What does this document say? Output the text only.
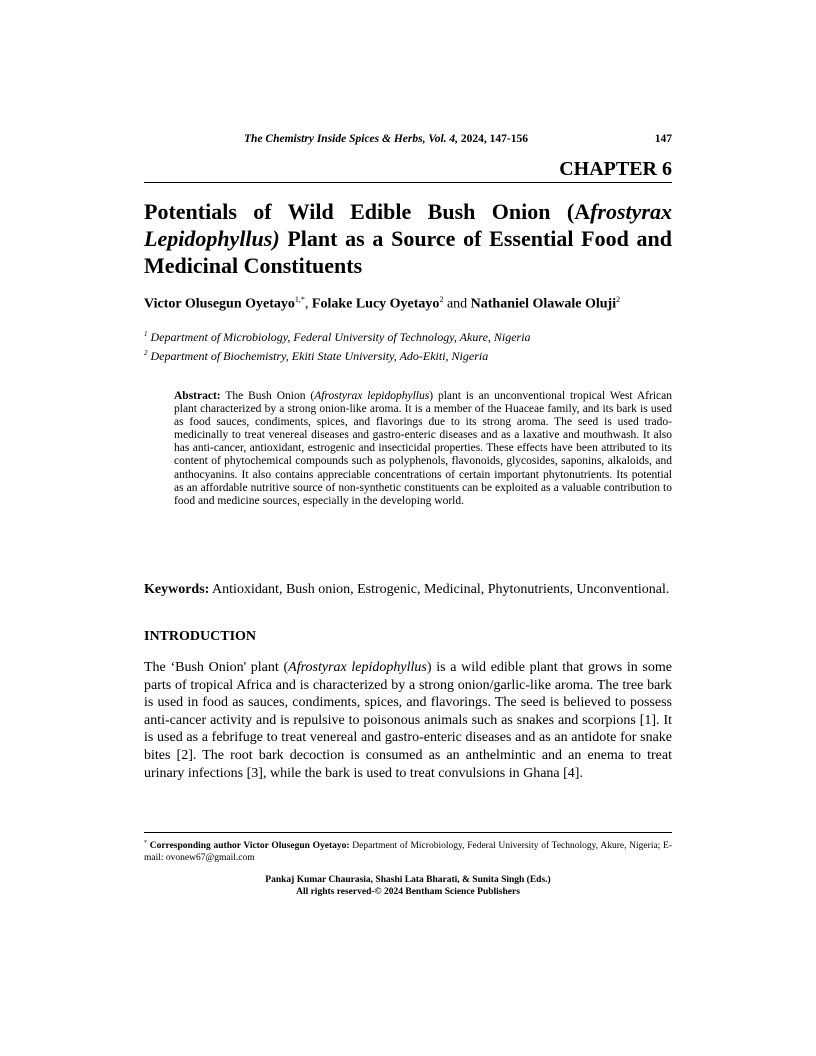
The Chemistry Inside Spices & Herbs, Vol. 4, 2024, 147-156	147
CHAPTER 6
Potentials of Wild Edible Bush Onion (Afrostyrax Lepidophyllus) Plant as a Source of Essential Food and Medicinal Constituents
Victor Olusegun Oyetayo$^{1,*}$, Folake Lucy Oyetayo$^2$ and Nathaniel Olawale Oluji$^2$
$^1$ Department of Microbiology, Federal University of Technology, Akure, Nigeria
$^2$ Department of Biochemistry, Ekiti State University, Ado-Ekiti, Nigeria
Abstract: The Bush Onion (Afrostyrax lepidophyllus) plant is an unconventional tropical West African plant characterized by a strong onion-like aroma. It is a member of the Huaceae family, and its bark is used as food sauces, condiments, spices, and flavorings due to its strong aroma. The seed is used trado-medicinally to treat venereal diseases and gastro-enteric diseases and as a laxative and mouthwash. It also has anti-cancer, antioxidant, estrogenic and insecticidal properties. These effects have been attributed to its content of phytochemical compounds such as polyphenols, flavonoids, glycosides, saponins, alkaloids, and anthocyanins. It also contains appreciable concentrations of certain important phytonutrients. Its potential as an affordable nutritive source of non-synthetic constituents can be exploited as a valuable contribution to food and medicine sources, especially in the developing world.
Keywords: Antioxidant, Bush onion, Estrogenic, Medicinal, Phytonutrients, Unconventional.
INTRODUCTION
The ‘Bush Onion' plant (Afrostyrax lepidophyllus) is a wild edible plant that grows in some parts of tropical Africa and is characterized by a strong onion/garlic-like aroma. The tree bark is used in food as sauces, condiments, spices, and flavorings. The seed is believed to possess anti-cancer activity and is repulsive to poisonous animals such as snakes and scorpions [1]. It is used as a febrifuge to treat venereal and gastro-enteric diseases and as an antidote for snake bites [2]. The root bark decoction is consumed as an anthelmintic and an enema to treat urinary infections [3], while the bark is used to treat convulsions in Ghana [4].
* Corresponding author Victor Olusegun Oyetayo: Department of Microbiology, Federal University of Technology, Akure, Nigeria; E-mail: ovonew67@gmail.com
Pankaj Kumar Chaurasia, Shashi Lata Bharati, & Sunita Singh (Eds.)
All rights reserved-© 2024 Bentham Science Publishers
